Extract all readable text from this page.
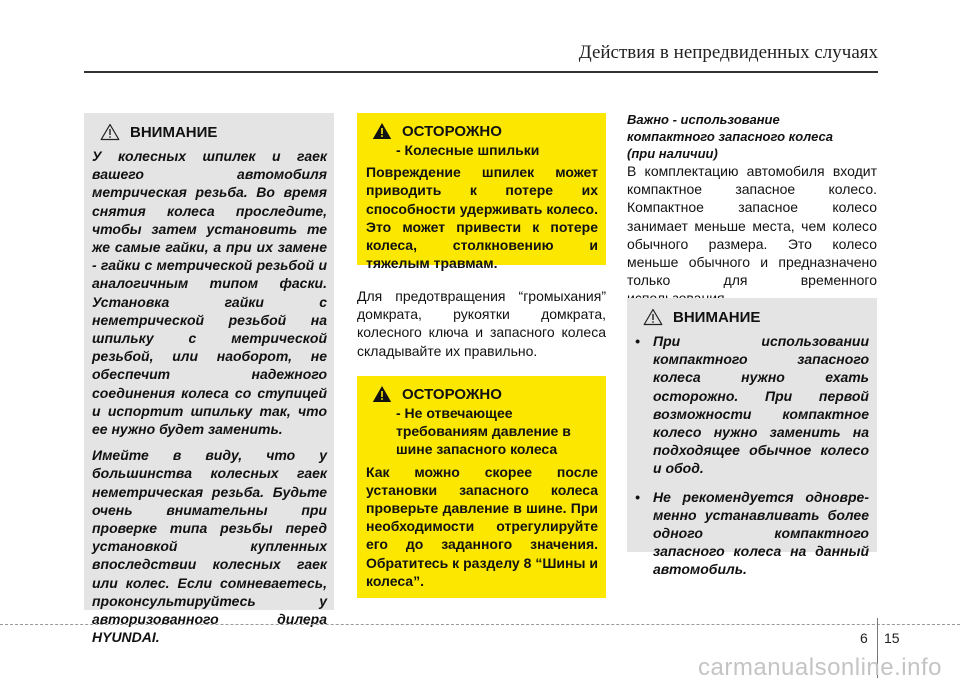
Действия в непредвиденных случаях
ВНИМАНИЕ

У колесных шпилек и гаек вашего автомобиля метрическая резьба. Во время снятия колеса проследите, чтобы затем установить те же самые гайки, а при их замене - гайки с метрической резьбой и аналогичным типом фаски. Установка гайки с неметрической резьбой на шпильку с метрической резьбой, или наоборот, не обеспечит надежного соединения колеса со ступицей и испортит шпильку так, что ее нужно будет заменить.

Имейте в виду, что у большинства колесных гаек неметрическая резьба. Будьте очень внимательны при проверке типа резьбы перед установкой купленных впоследствии колесных гаек или колес. Если сомневаетесь, проконсультируйтесь у авторизованного дилера HYUNDAI.

ОСТОРОЖНО

- Колесные шпильки

Повреждение шпилек может приводить к потере их способности удерживать колесо. Это может привести к потере колеса, столкновению и тяжелым травмам.

Для предотвращения “громыхания” домкрата, рукоятки домкрата, колесного ключа и запасного колеса складывайте их правильно.

ОСТОРОЖНО

- Не отвечающее требованиям давление в шине запасного колеса

Как можно скорее после установки запасного колеса проверьте давление в шине. При необходимости отрегулируйте его до заданного значения. Обратитесь к разделу 8 “Шины и колеса”.

Важно - использование
компактного запасного колеса
(при наличии)

В комплектацию автомобиля входит компактное запасное колесо. Компактное запасное колесо занимает меньше места, чем колесо обычного размера. Это колесо меньше обычного и предназначено только для временного

ВНИМАНИЕ
• При использовании компактного запасного колеса нужно ехать осторожно. При первой возможности компактное колесо нужно заменить на подходящее обычное колесо и обод.
• Не рекомендуется одновре-менно устанавливать более одного компактного запасного колеса на данный автомобиль.
6 15
carmanualsonline.info
